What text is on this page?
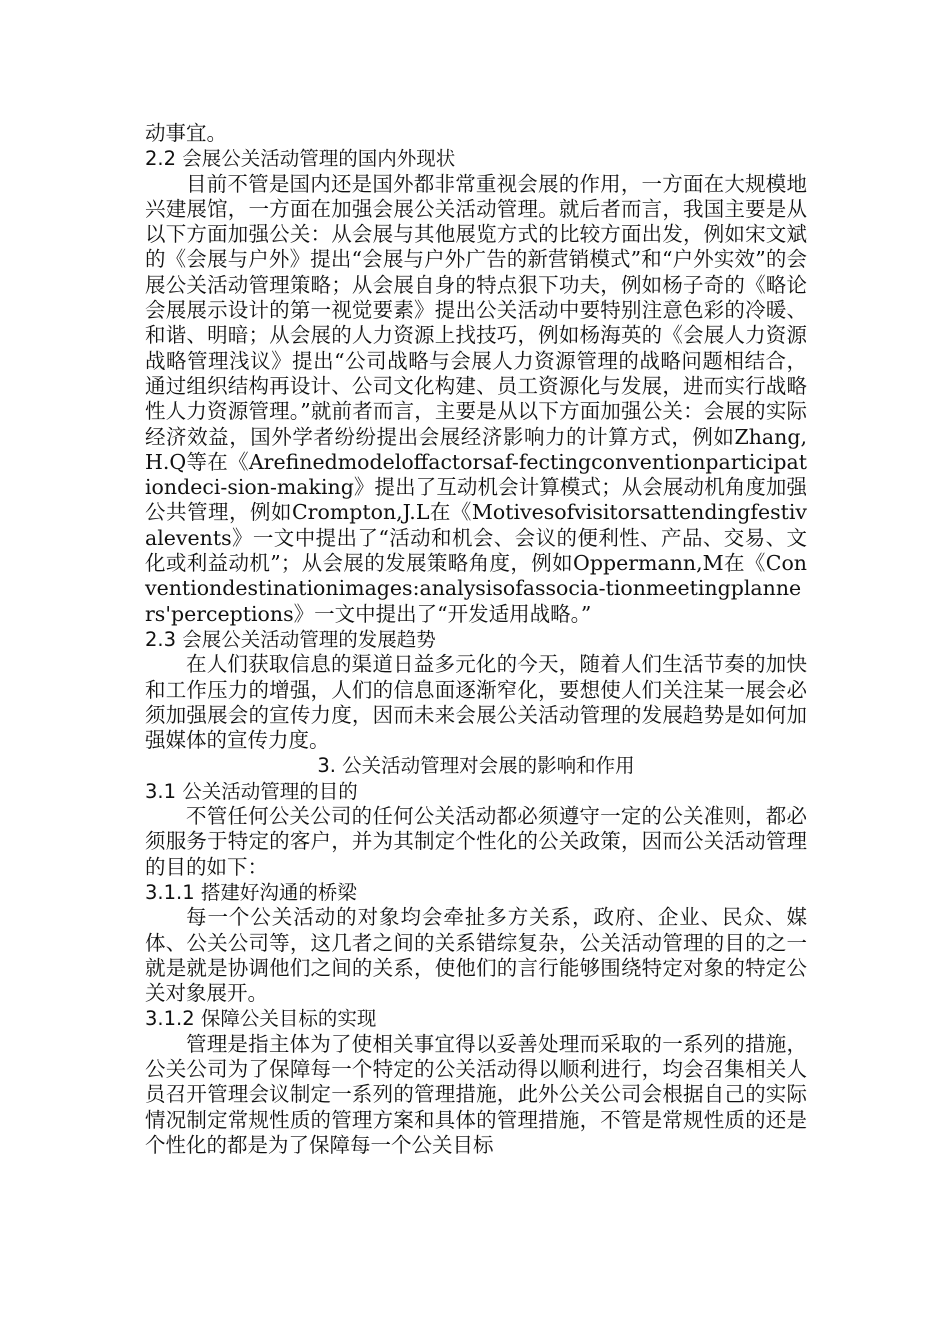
动事宜。

2.2 会展公关活动管理的国内外现状

目前不管是国内还是国外都非常重视会展的作用，一方面在大规模地兴建展馆，一方面在加强会展公关活动管理。就后者而言，我国主要是从以下方面加强公关：从会展与其他展览方式的比较方面出发，例如宋文斌的《会展与户外》提出“会展与户外广告的新营销模式”和“户外实效”的会展公关活动管理策略；从会展自身的特点狠下功夫，例如杨子奇的《略论会展展示设计的第一视觉要素》提出公关活动中要特别注意色彩的冷暖、和谐、明暗；从会展的人力资源上找技巧，例如杨海英的《会展人力资源战略管理浅议》提出“公司战略与会展人力资源管理的战略问题相结合，通过组织结构再设计、公司文化构建、员工资源化与发展，进而实行战略性人力资源管理。”就前者而言，主要是从以下方面加强公关：会展的实际经济效益，国外学者纷纷提出会展经济影响力的计算方式，例如Zhang,H.Q等在《Arefinedmodeloffactorsaf-fectingconventionparticipationdeci-sion-making》提出了互动机会计算模式；从会展动机角度加强公共管理，例如Crompton,J.L在《Motivesofvisitorsattendingfestivalevents》一文中提出了“活动和机会、会议的便利性、产品、交易、文化或利益动机”；从会展的发展策略角度，例如Oppermann,M在《Conventiondestinationimages:analysisofassocia-tionmeetingplanners'perceptions》一文中提出了“开发适用战略。”

2.3 会展公关活动管理的发展趋势

在人们获取信息的渠道日益多元化的今天，随着人们生活节奏的加快和工作压力的增强，人们的信息面逐渐窄化，要想使人们关注某一展会必须加强展会的宣传力度，因而未来会展公关活动管理的发展趋势是如何加强媒体的宣传力度。

3. 公关活动管理对会展的影响和作用
3.1 公关活动管理的目的

不管任何公关公司的任何公关活动都必须遵守一定的公关准则，都必须服务于特定的客户，并为其制定个性化的公关政策，因而公关活动管理的目的如下：

3.1.1 搭建好沟通的桥梁

每一个公关活动的对象均会牵扯多方关系，政府、企业、民众、媒体、公关公司等，这几者之间的关系错综复杂，公关活动管理的目的之一就是就是协调他们之间的关系，使他们的言行能够围绕特定对象的特定公关对象展开。

3.1.2 保障公关目标的实现

管理是指主体为了使相关事宜得以妥善处理而采取的一系列的措施，公关公司为了保障每一个特定的公关活动得以顺利进行，均会召集相关人员召开管理会议制定一系列的管理措施，此外公关公司会根据自己的实际情况制定常规性质的管理方案和具体的管理措施，不管是常规性质的还是个性化的都是为了保障每一个公关目标
